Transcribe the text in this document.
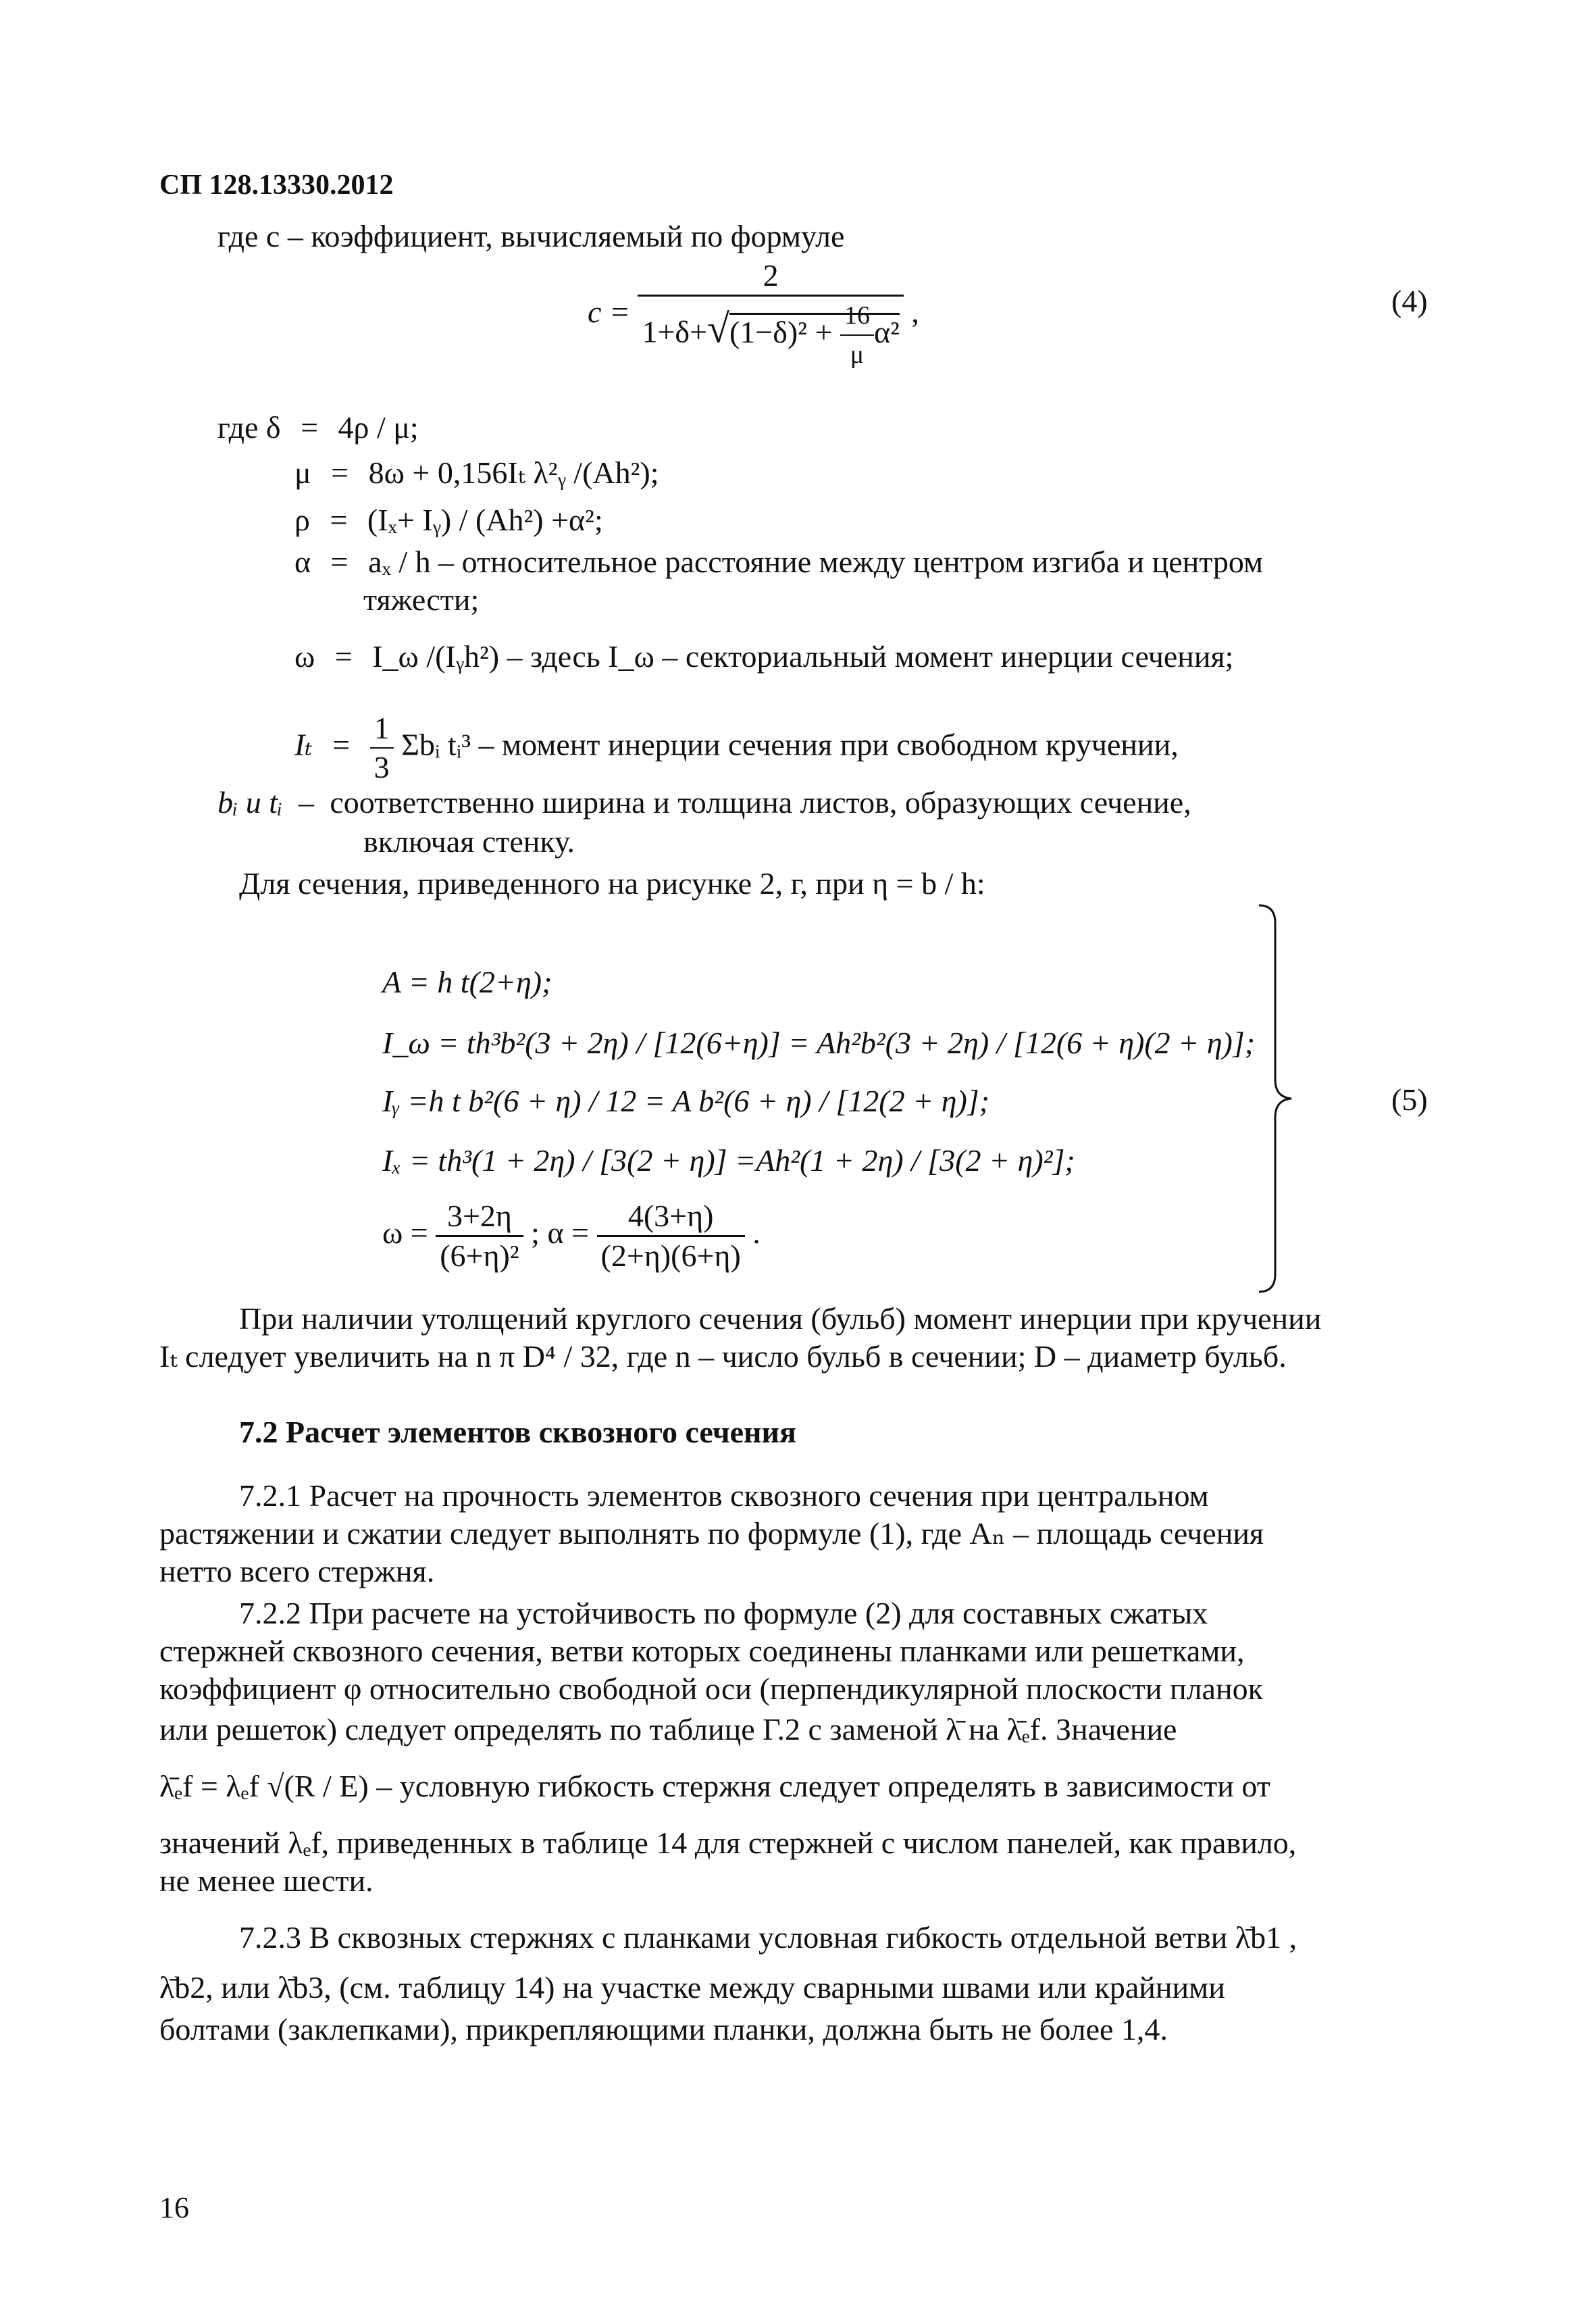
СП 128.13330.2012
где c – коэффициент, вычисляемый по формуле
$c = \frac{2}{1+\delta+√(1-\delta)^2 + \frac{16}{\mu} \alpha^2}$ ,	(4)
где δ = 4ρ / μ;
μ = 8ω + 0,156Iₜ λ²ᵧ /(Ah²);
ρ = (Iₓ+ Iᵧ) / (Ah²) +α²;
α = aₓ / h – относительное расстояние между центром изгиба и центром
тяжести;
ω = I_ω /(Iᵧh²) – здесь I_ω – секториальный момент инерции сечения;
$I_t = \frac{1}{3}$ Σbᵢ tᵢ³ – момент инерции сечения при свободном кручении,
bᵢ и tᵢ – соответственно ширина и толщина листов, образующих сечение,
включая стенку.
Для сечения, приведенного на рисунке 2, г, при η = b / h:
A = h t(2+η);
I_ω = th³b²(3 + 2η) / [12(6+η)] = Ah²b²(3 + 2η) / [12(6 + η)(2 + η)];
Iᵧ =h t b²(6 + η) / 12 = A b²(6 + η) / [12(2 + η)];
Iₓ = th³(1 + 2η) / [3(2 + η)] =Ah²(1 + 2η) / [3(2 + η)²];
$\omega = \frac{3+2\eta}{\text{(6+η)²}}$ ; $\alpha = \frac{4(3+\eta)}{(2+\eta)(6+\eta)}$ .
(5)
При наличии утолщений круглого сечения (бульб) момент инерции при кручении
Iₜ следует увеличить на n π D⁴ / 32, где n – число бульб в сечении; D – диаметр бульб.
7.2 Расчет элементов сквозного сечения
7.2.1 Расчет на прочность элементов сквозного сечения при центральном
растяжении и сжатии следует выполнять по формуле (1), где Aₙ – площадь сечения
нетто всего стержня.
7.2.2 При расчете на устойчивость по формуле (2) для составных сжатых
стержней сквозного сечения, ветви которых соединены планками или решетками,
коэффициент φ относительно свободной оси (перпендикулярной плоскости планок
или решеток) следует определять по таблице Г.2 с заменой λ̄ на λ̄ₑf. Значение
λ̄ₑf = λₑf √(R / E) – условную гибкость стержня следует определять в зависимости от
значений λₑf, приведенных в таблице 14 для стержней с числом панелей, как правило,
не менее шести.
7.2.3 В сквозных стержнях с планками условная гибкость отдельной ветви λ̄b1 ,
λ̄b2, или λ̄b3, (см. таблицу 14) на участке между сварными швами или крайними
болтами (заклепками), прикрепляющими планки, должна быть не более 1,4.
16
